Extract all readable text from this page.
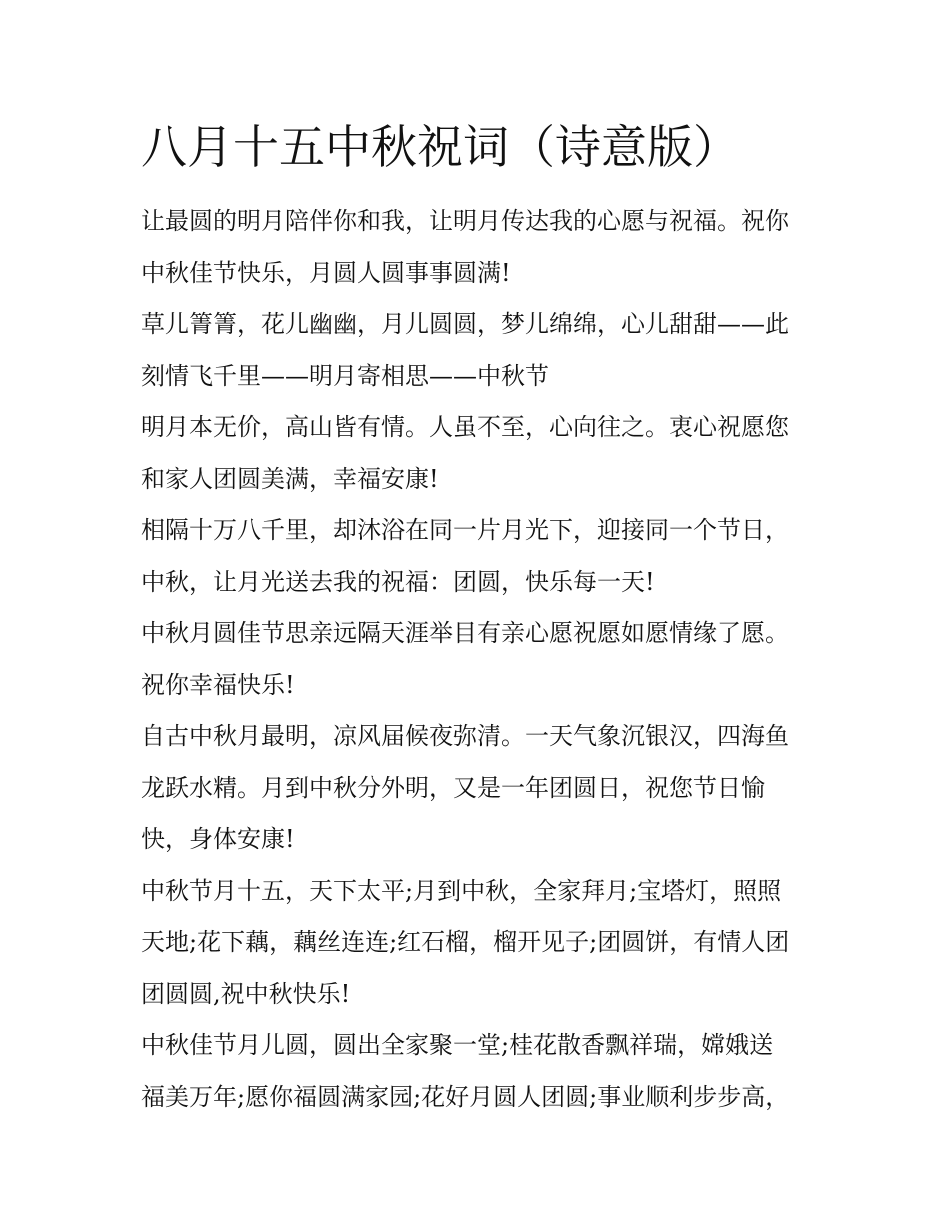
八月十五中秋祝词（诗意版）
让最圆的明月陪伴你和我，让明月传达我的心愿与祝福。祝你
中秋佳节快乐，月圆人圆事事圆满!
草儿箐箐，花儿幽幽，月儿圆圆，梦儿绵绵，心儿甜甜——此
刻情飞千里——明月寄相思——中秋节
明月本无价，高山皆有情。人虽不至，心向往之。衷心祝愿您
和家人团圆美满，幸福安康!
相隔十万八千里，却沐浴在同一片月光下，迎接同一个节日，
中秋，让月光送去我的祝福：团圆，快乐每一天!
中秋月圆佳节思亲远隔天涯举目有亲心愿祝愿如愿情缘了愿。
祝你幸福快乐!
自古中秋月最明，凉风届候夜弥清。一天气象沉银汉，四海鱼
龙跃水精。月到中秋分外明，又是一年团圆日，祝您节日愉
快，身体安康!
中秋节月十五，天下太平;月到中秋，全家拜月;宝塔灯，照照
天地;花下藕，藕丝连连;红石榴，榴开见子;团圆饼，有情人团
团圆圆,祝中秋快乐!
中秋佳节月儿圆，圆出全家聚一堂;桂花散香飘祥瑞，嫦娥送
福美万年;愿你福圆满家园;花好月圆人团圆;事业顺利步步高，
